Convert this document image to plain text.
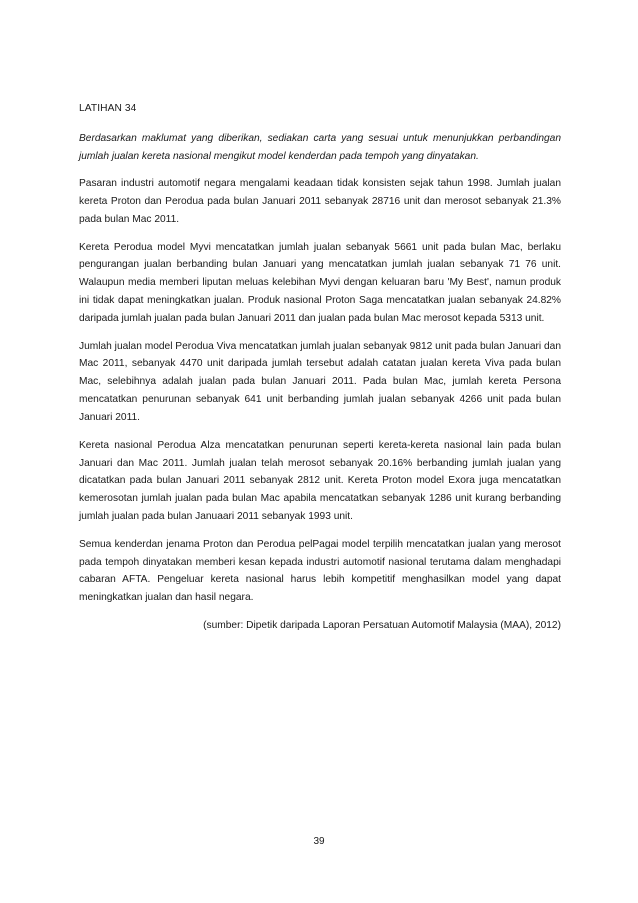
LATIHAN 34

Berdasarkan maklumat yang diberikan, sediakan carta yang sesuai untuk menunjukkan perbandingan jumlah jualan kereta nasional mengikut model kenderdan pada tempoh yang dinyatakan.

Pasaran industri automotif negara mengalami keadaan tidak konsisten sejak tahun 1998. Jumlah jualan kereta Proton dan Perodua pada bulan Januari 2011 sebanyak 28716 unit dan merosot sebanyak 21.3% pada bulan Mac 2011.

Kereta Perodua model Myvi mencatatkan jumlah jualan sebanyak 5661 unit pada bulan Mac, berlaku pengurangan jualan berbanding bulan Januari yang mencatatkan jumlah jualan sebanyak 71 76 unit. Walaupun media memberi liputan meluas kelebihan Myvi dengan keluaran baru 'My Best', namun produk ini tidak dapat meningkatkan jualan. Produk nasional Proton Saga mencatatkan jualan sebanyak 24.82% daripada jumlah jualan pada bulan Januari 2011 dan jualan pada bulan Mac merosot kepada 5313 unit.

Jumlah jualan model Perodua Viva mencatatkan jumlah jualan sebanyak 9812 unit pada bulan Januari dan Mac 2011, sebanyak 4470 unit daripada jumlah tersebut adalah catatan jualan kereta Viva pada bulan Mac, selebihnya adalah jualan pada bulan Januari 2011. Pada bulan Mac, jumlah kereta Persona mencatatkan penurunan sebanyak 641 unit berbanding jumlah jualan sebanyak 4266 unit pada bulan Januari 2011.

Kereta nasional Perodua Alza mencatatkan penurunan seperti kereta-kereta nasional lain pada bulan Januari dan Mac 2011. Jumlah jualan telah merosot sebanyak 20.16% berbanding jumlah jualan yang dicatatkan pada bulan Januari 2011 sebanyak 2812 unit. Kereta Proton model Exora juga mencatatkan kemerosotan jumlah jualan pada bulan Mac apabila mencatatkan sebanyak 1286 unit kurang berbanding jumlah jualan pada bulan Januaari 2011 sebanyak 1993 unit.

Semua kenderdan jenama Proton dan Perodua pelPagai model terpilih mencatatkan jualan yang merosot pada tempoh dinyatakan memberi kesan kepada industri automotif nasional terutama dalam menghadapi cabaran AFTA. Pengeluar kereta nasional harus lebih kompetitif menghasilkan model yang dapat meningkatkan jualan dan hasil negara.

(sumber: Dipetik daripada Laporan Persatuan Automotif Malaysia (MAA), 2012)

39
